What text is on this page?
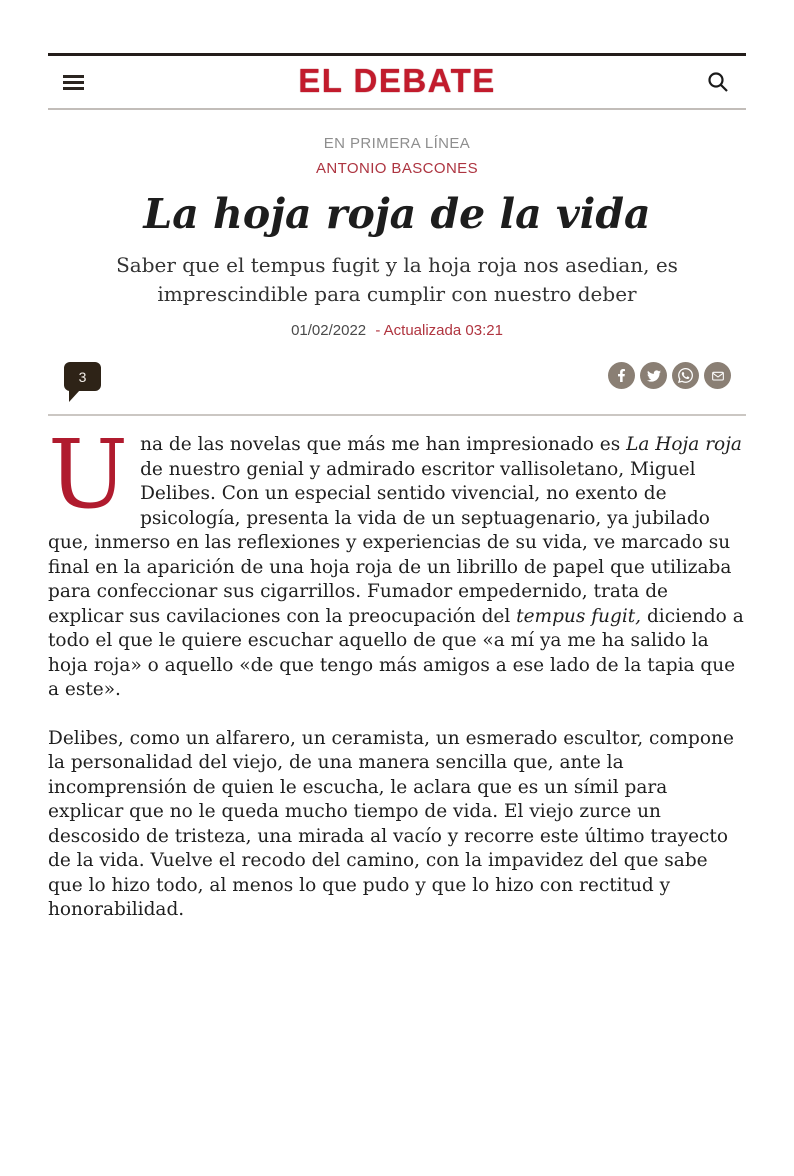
EL DEBATE
EN PRIMERA LÍNEA
ANTONIO BASCONES
La hoja roja de la vida
Saber que el tempus fugit y la hoja roja nos asedian, es imprescindible para cumplir con nuestro deber
01/02/2022 - Actualizada 03:21
3

Una de las novelas que más me han impresionado es La Hoja roja de nuestro genial y admirado escritor vallisoletano, Miguel Delibes. Con un especial sentido vivencial, no exento de psicología, presenta la vida de un septuagenario, ya jubilado que, inmerso en las reflexiones y experiencias de su vida, ve marcado su final en la aparición de una hoja roja de un librillo de papel que utilizaba para confeccionar sus cigarrillos. Fumador empedernido, trata de explicar sus cavilaciones con la preocupación del tempus fugit, diciendo a todo el que le quiere escuchar aquello de que «a mí ya me ha salido la hoja roja» o aquello «de que tengo más amigos a ese lado de la tapia que a este».

Delibes, como un alfarero, un ceramista, un esmerado escultor, compone la personalidad del viejo, de una manera sencilla que, ante la incomprensión de quien le escucha, le aclara que es un símil para explicar que no le queda mucho tiempo de vida. El viejo zurce un descosido de tristeza, una mirada al vacío y recorre este último trayecto de la vida. Vuelve el recodo del camino, con la impavidez del que sabe que lo hizo todo, al menos lo que pudo y que lo hizo con rectitud y honorabilidad.
